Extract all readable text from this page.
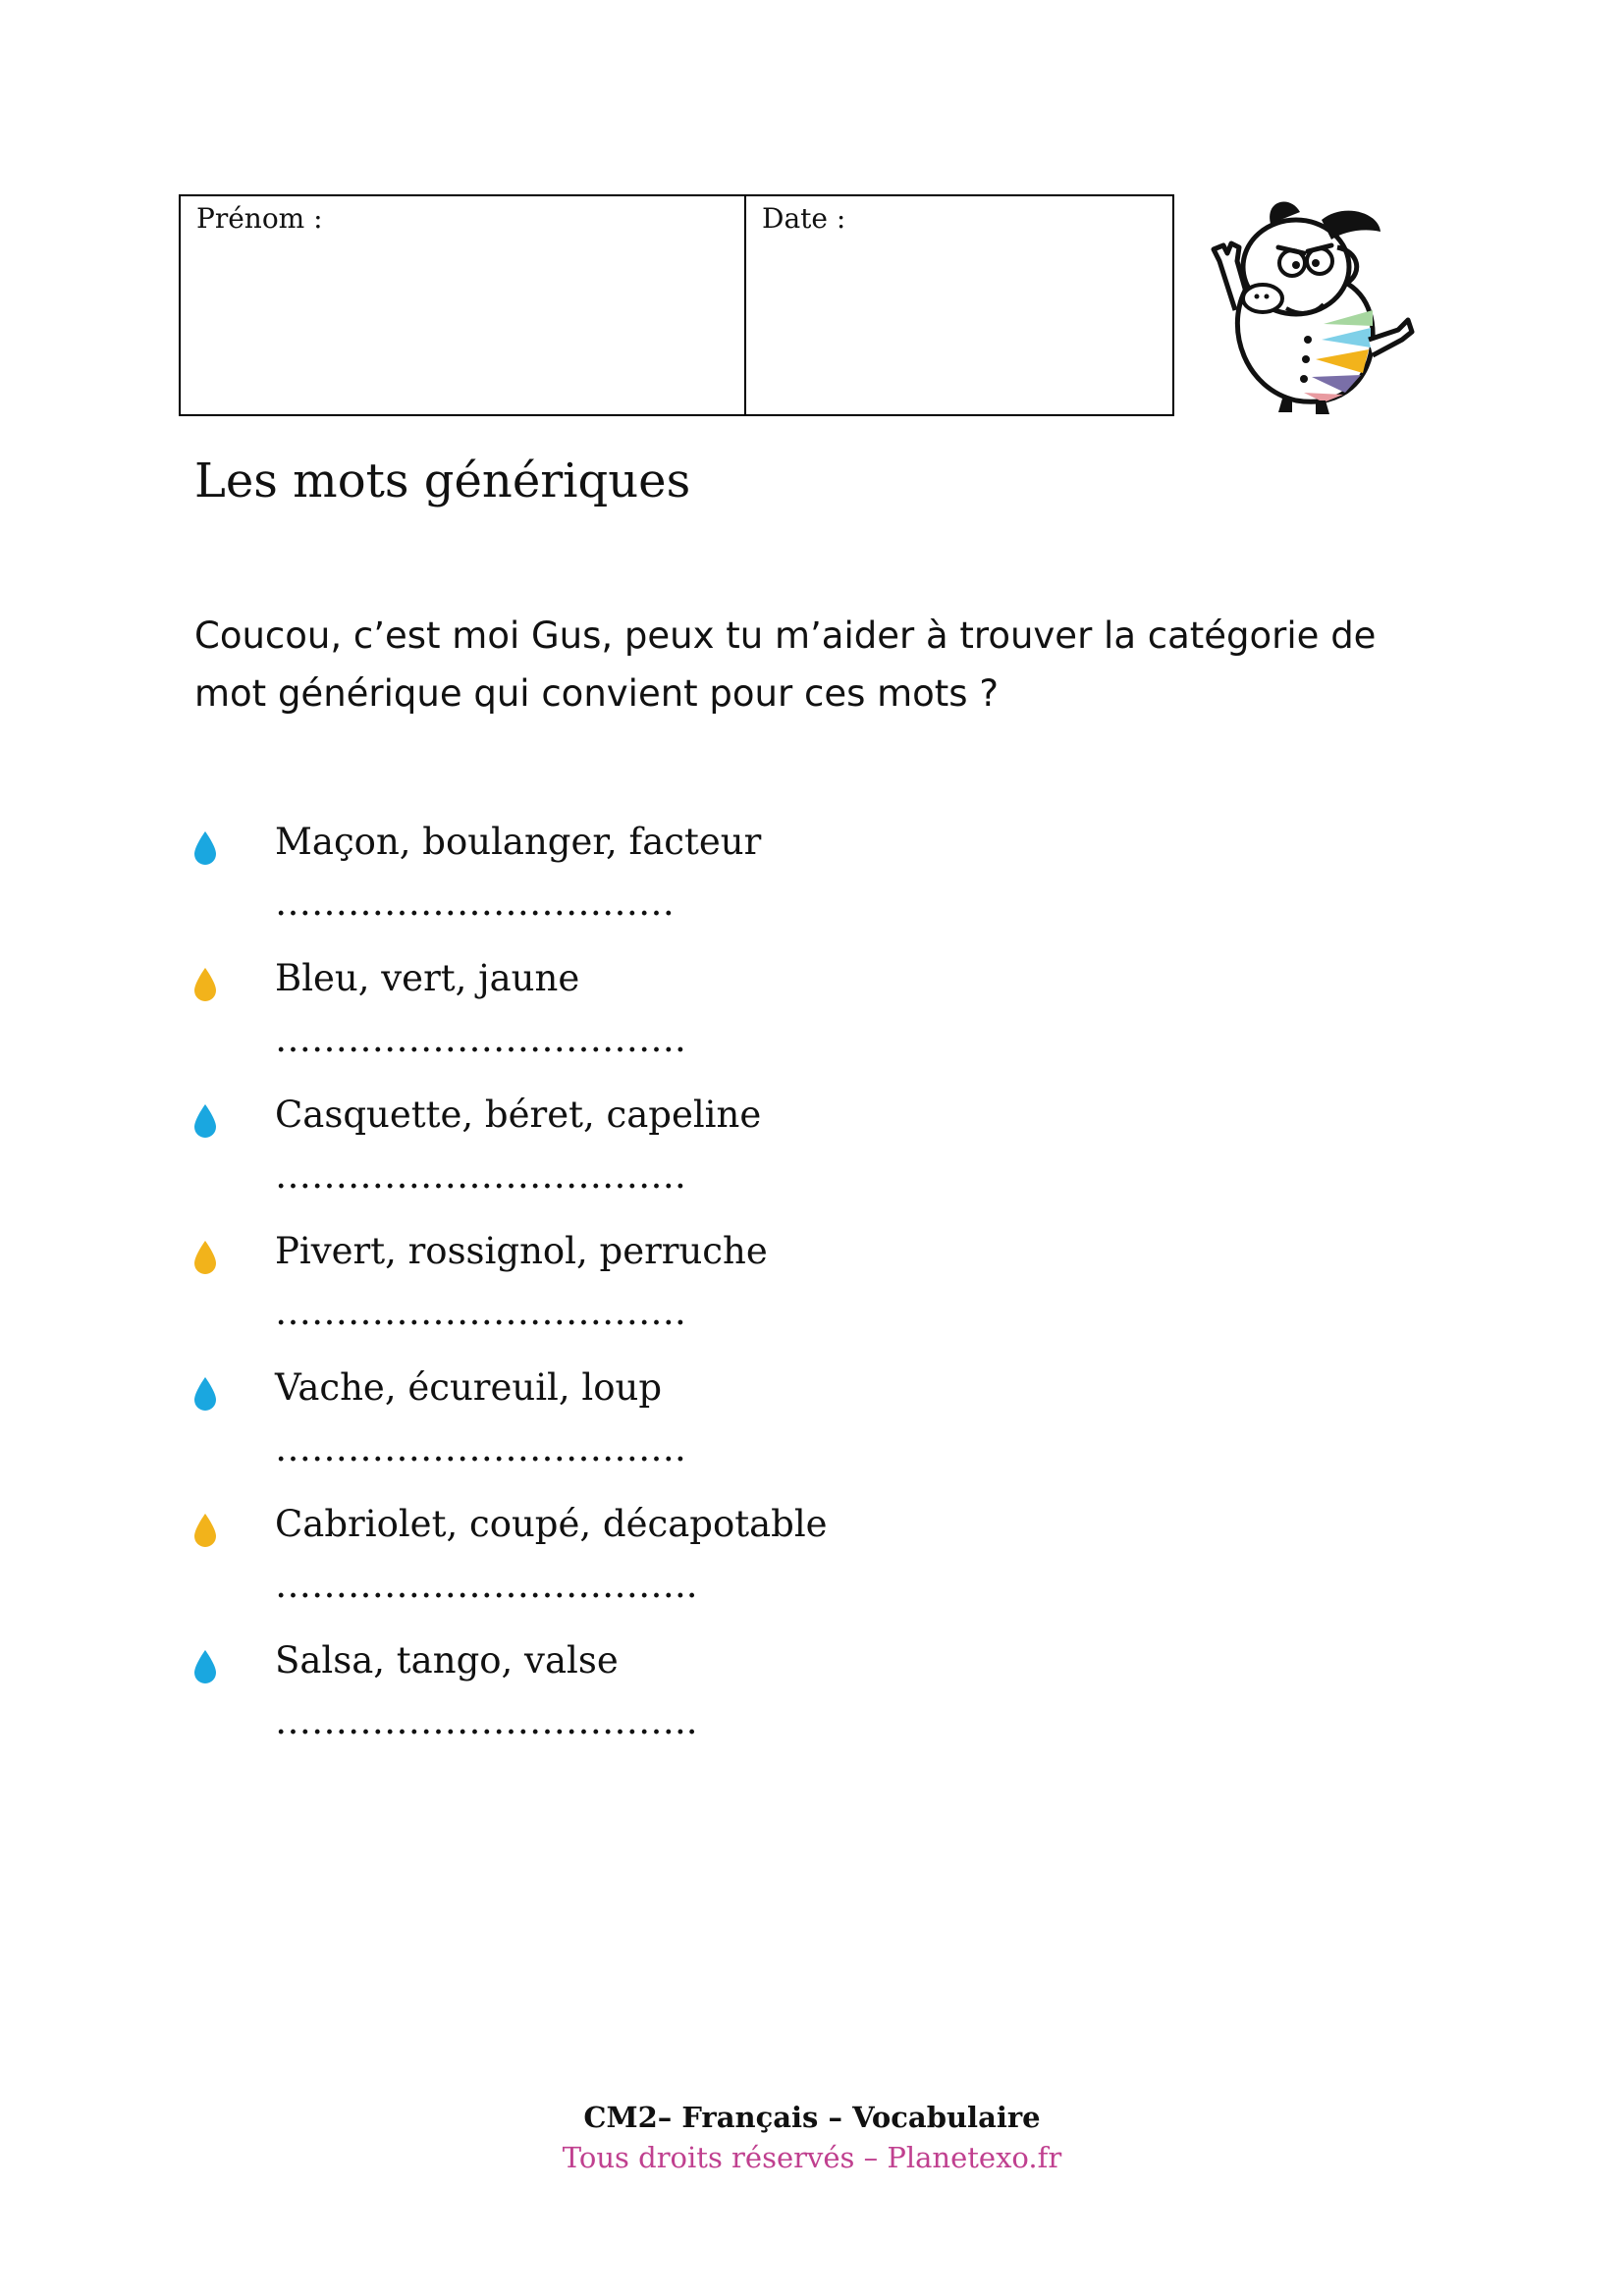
Prénom :	Date :
Les mots génériques

Coucou, c’est moi Gus, peux tu m’aider à trouver la catégorie de mot générique qui convient pour ces mots ?

Maçon, boulanger, facteur
……………………………
Bleu, vert, jaune
…………………………….
Casquette, béret, capeline
…………………………….
Pivert, rossignol, perruche
…………………………….
Vache, écureuil, loup
…………………………….
Cabriolet, coupé, décapotable
……………………………..
Salsa, tango, valse
……………………………..
CM2– Français – Vocabulaire
Tous droits réservés – Planetexo.fr
